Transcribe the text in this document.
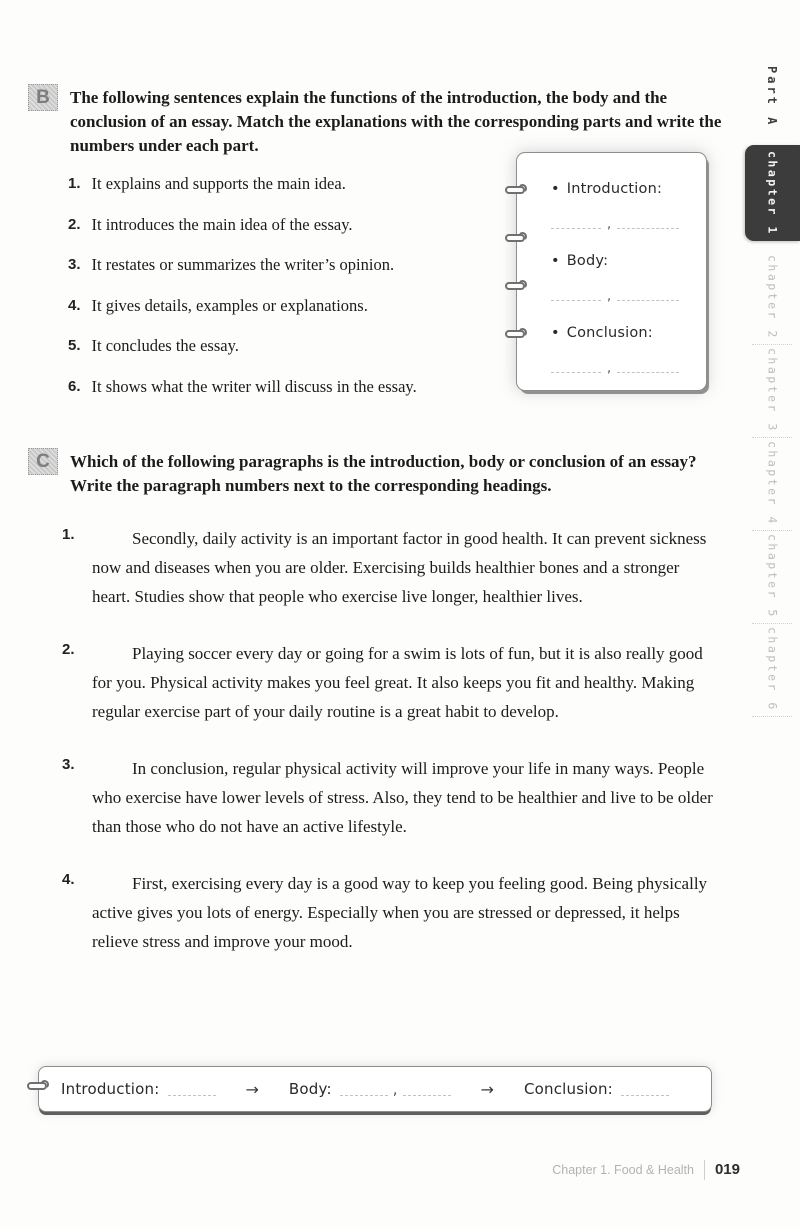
B	The following sentences explain the functions of the introduction, the body and the conclusion of an essay. Match the explanations with the corresponding parts and write the numbers under each part.
1. It explains and supports the main idea.
2. It introduces the main idea of the essay.
3. It restates or summarizes the writer’s opinion.
4. It gives details, examples or explanations.
5. It concludes the essay.
6. It shows what the writer will discuss in the essay.
• Introduction:
,
• Body:
,
• Conclusion:
,
C	Which of the following paragraphs is the introduction, body or conclusion of an essay? Write the paragraph numbers next to the corresponding headings.
1.	Secondly, daily activity is an important factor in good health. It can prevent sickness now and diseases when you are older. Exercising builds healthier bones and a stronger heart. Studies show that people who exercise live longer, healthier lives.
2.	Playing soccer every day or going for a swim is lots of fun, but it is also really good for you. Physical activity makes you feel great. It also keeps you fit and healthy. Making regular exercise part of your daily routine is a great habit to develop.
3.	In conclusion, regular physical activity will improve your life in many ways. People who exercise have lower levels of stress. Also, they tend to be healthier and live to be older than those who do not have an active lifestyle.
4.	First, exercising every day is a good way to keep you feeling good. Being physically active gives you lots of energy. Especially when you are stressed or depressed, it helps relieve stress and improve your mood.
Introduction:	→ Body:	,	→ Conclusion:
Chapter 1. Food & Health	019
Part A
chapter 1
chapter 2
chapter 3
chapter 4
chapter 5
chapter 6
